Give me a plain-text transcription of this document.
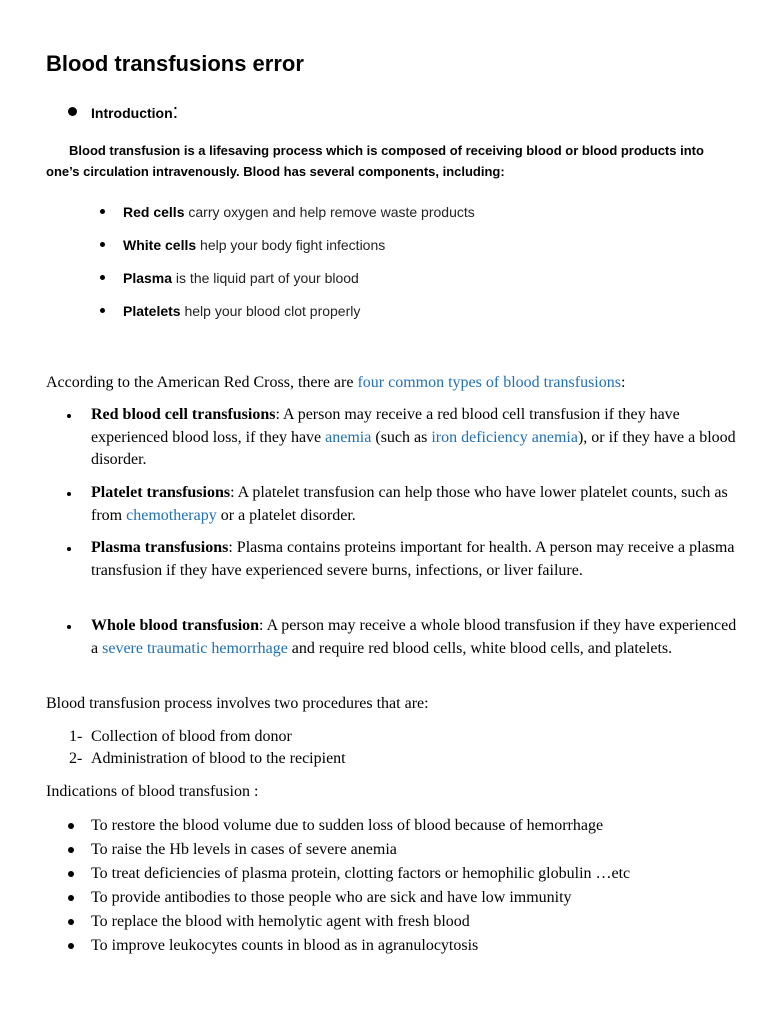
Blood transfusions error
Introduction:

Blood transfusion is a lifesaving process which is composed of receiving blood or blood products into one’s circulation intravenously. Blood has several components, including:

Red cells carry oxygen and help remove waste products
White cells help your body fight infections
Plasma is the liquid part of your blood
Platelets help your blood clot properly

According to the American Red Cross, there are four common types of blood transfusions:

Red blood cell transfusions: A person may receive a red blood cell transfusion if they have experienced blood loss, if they have anemia (such as iron deficiency anemia), or if they have a blood disorder.
Platelet transfusions: A platelet transfusion can help those who have lower platelet counts, such as from chemotherapy or a platelet disorder.
Plasma transfusions: Plasma contains proteins important for health. A person may receive a plasma transfusion if they have experienced severe burns, infections, or liver failure.
Whole blood transfusion: A person may receive a whole blood transfusion if they have experienced a severe traumatic hemorrhage and require red blood cells, white blood cells, and platelets.

Blood transfusion process involves two procedures that are:

1- Collection of blood from donor
2- Administration of blood to the recipient

Indications of blood transfusion :

To restore the blood volume due to sudden loss of blood because of hemorrhage
To raise the Hb levels in cases of severe anemia
To treat deficiencies of plasma protein, clotting factors or hemophilic globulin …etc
To provide antibodies to those people who are sick and have low immunity
To replace the blood with hemolytic agent with fresh blood
To improve leukocytes counts in blood as in agranulocytosis
